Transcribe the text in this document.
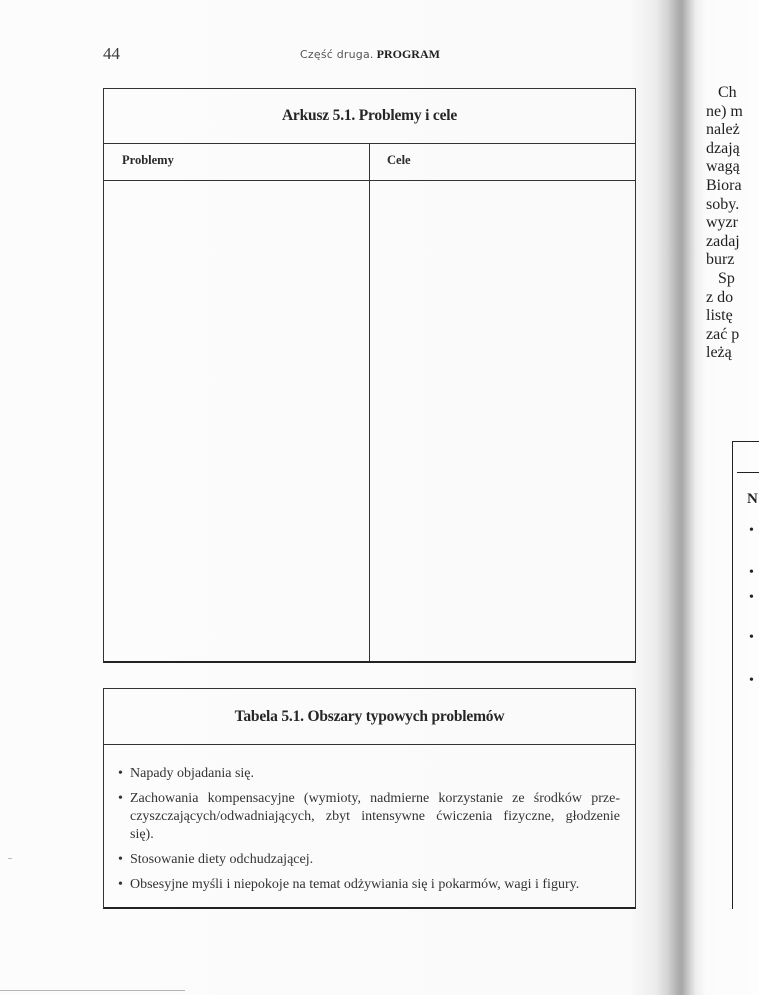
44	Część druga. PROGRAM
Arkusz 5.1. Problemy i cele
Problemy	Cele
Tabela 5.1. Obszary typowych problemów
• Napady objadania się.
• Zachowania kompensacyjne (wymioty, nadmierne korzystanie ze środków prze-
czyszczających/odwadniających, zbyt intensywne ćwiczenia fizyczne, głodzenie
się).
• Stosowanie diety odchudzającej.
• Obsesyjne myśli i niepokoje na temat odżywiania się i pokarmów, wagi i figury.
Ch
ne) m
należ
dzają
wagą
Biora
soby.
wyzr
zadaj
burz
Sp
z do
listę
zać p
leżą
N
•
•
•
•
•
